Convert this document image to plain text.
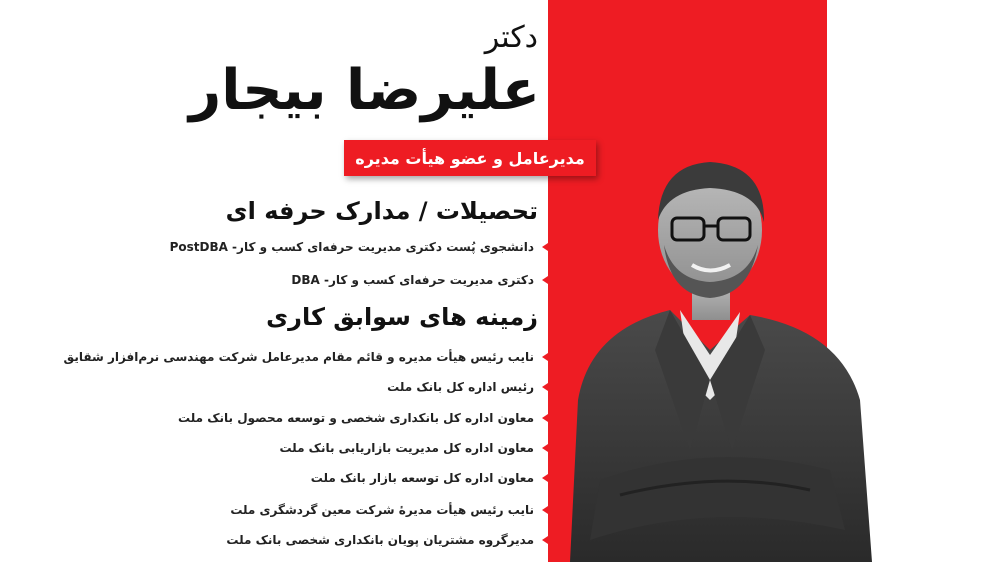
دکتر
علیرضا بیجار
مدیرعامل و عضو هیأت مدیره
تحصیلات / مدارک حرفه ای
دانشجوی پُست دکتری مدیریت حرفه‌ای کسب و کار- PostDBA
دکتری مدیریت حرفه‌ای کسب و کار- DBA
زمینه های سوابق کاری
نایب رئیس هیأت مدیره و قائم مقام مدیرعامل شرکت مهندسی نرم‌افزار شقایق
رئیس اداره کل بانک ملت
معاون اداره کل بانکداری شخصی و توسعه محصول بانک ملت
معاون اداره کل مدیریت بازاریابی بانک ملت
معاون اداره کل توسعه بازار بانک ملت
نایب رئیس هیأت مدیرهٔ شرکت معین گردشگری ملت
مدیرگروه مشتریان پویان بانکداری شخصی بانک ملت
